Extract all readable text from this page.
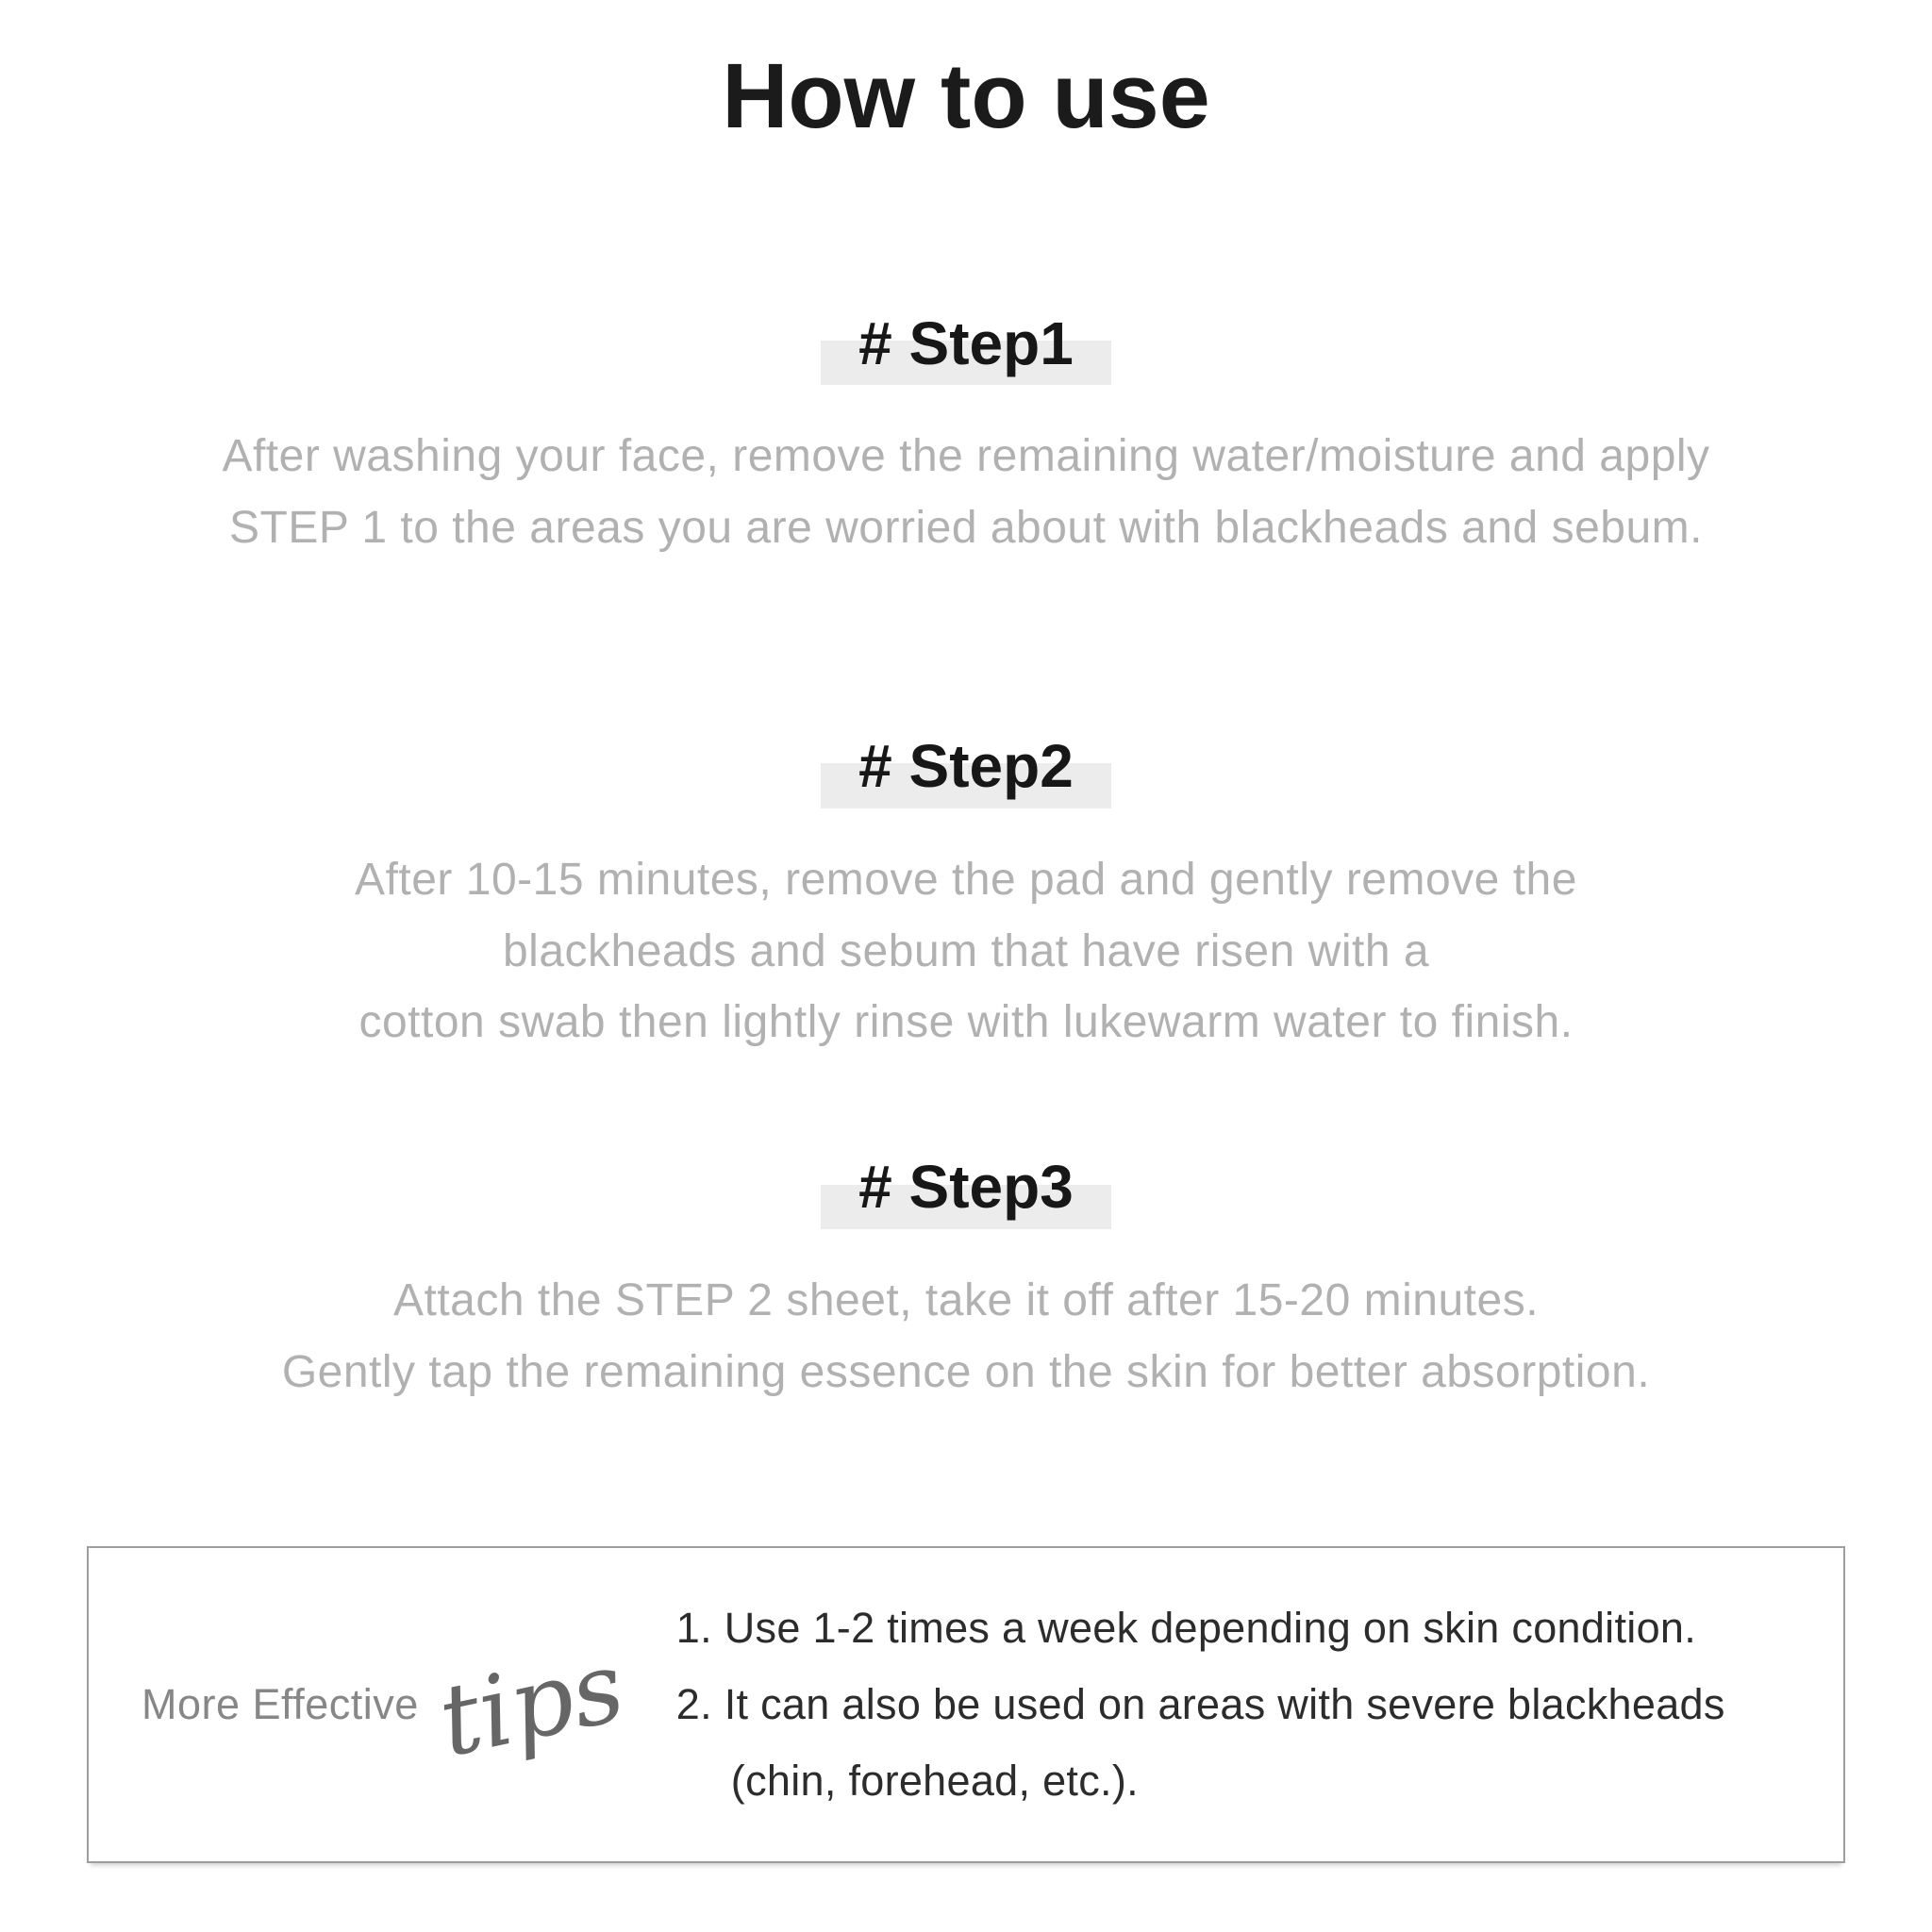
How to use
# Step1

After washing your face, remove the remaining water/moisture and apply
STEP 1 to the areas you are worried about with blackheads and sebum.

# Step2

After 10-15 minutes, remove the pad and gently remove the
blackheads and sebum that have risen with a
cotton swab then lightly rinse with lukewarm water to finish.

# Step3

Attach the STEP 2 sheet, take it off after 15-20 minutes.
Gently tap the remaining essence on the skin for better absorption.

More Effective tips
1. Use 1-2 times a week depending on skin condition.
2. It can also be used on areas with severe blackheads
(chin, forehead, etc.).
